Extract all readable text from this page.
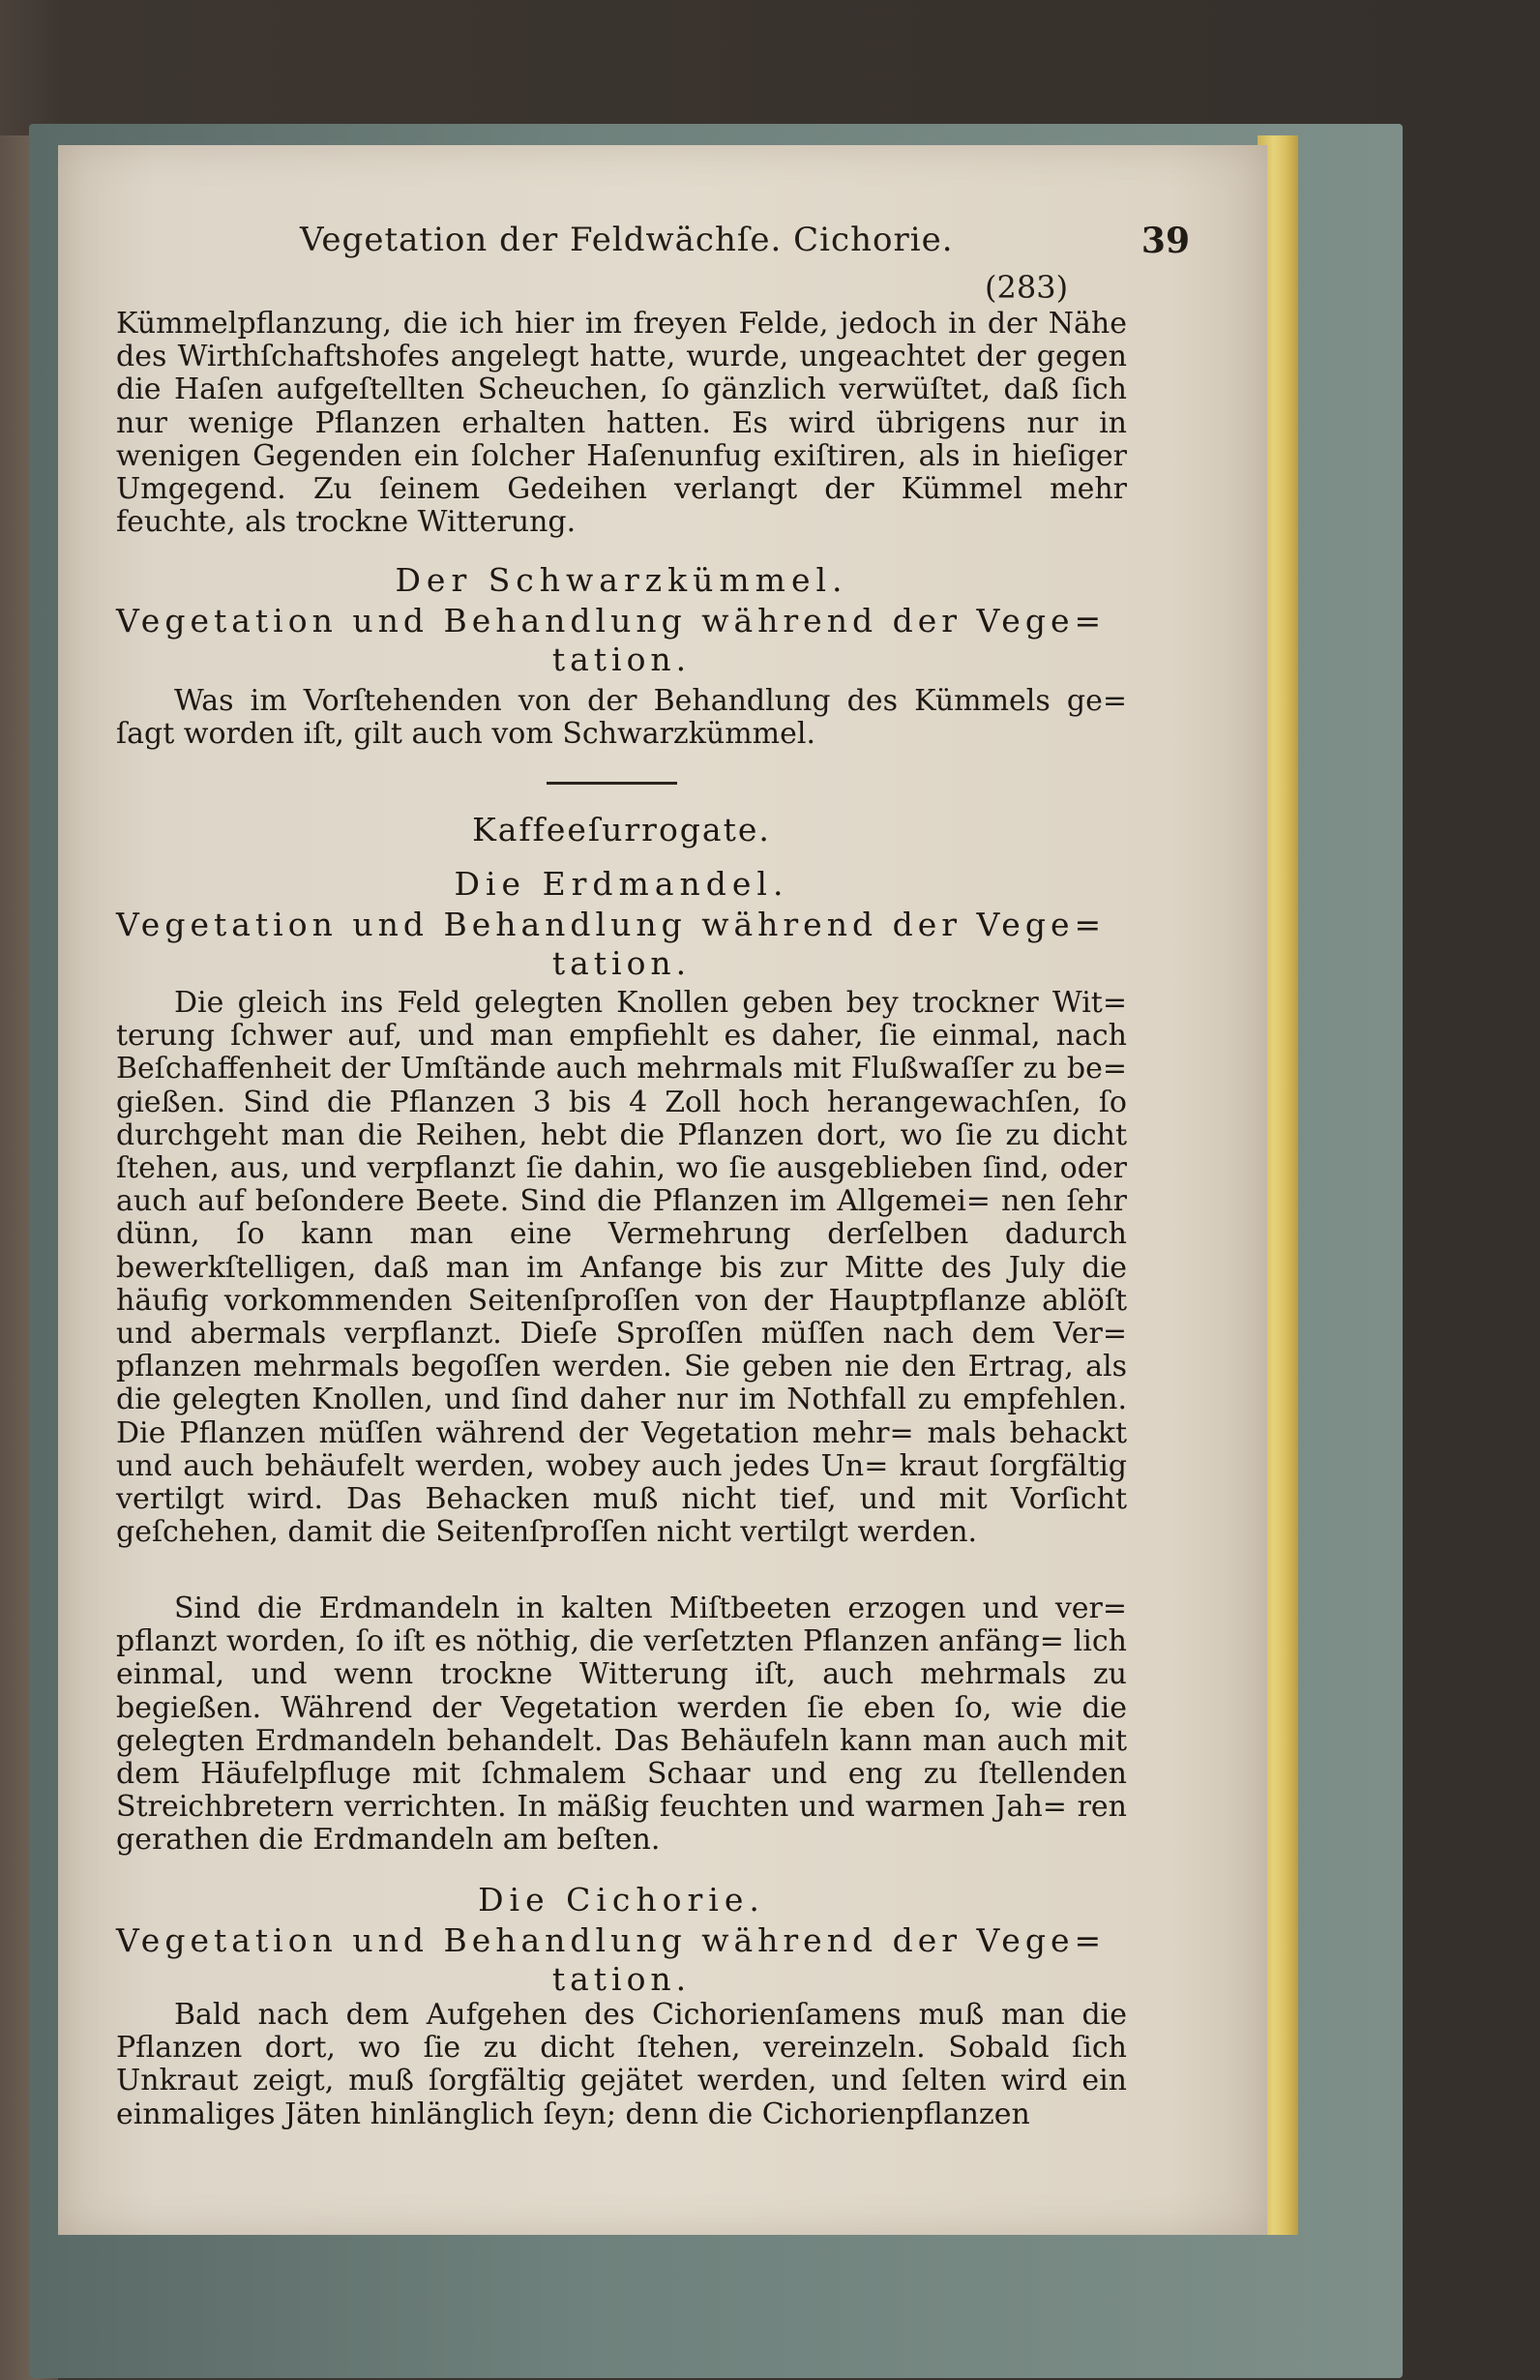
Vegetation der Feldwächſe. Cichorie.	39
(283)

Kümmelpflanzung, die ich hier im freyen Felde, jedoch in der Nähe des Wirthſchaftshofes angelegt hatte, wurde, ungeachtet der gegen die Haſen aufgeſtellten Scheuchen, ſo gänzlich verwüſtet, daß ſich nur wenige Pflanzen erhalten hatten. Es wird übrigens nur in wenigen Gegenden ein ſolcher Haſenunfug exiſtiren, als in hieſiger Umgegend. Zu ſeinem Gedeihen verlangt der Kümmel mehr feuchte, als trockne Witterung.

Der Schwarzkümmel.

Vegetation und Behandlung während der Vege=
tation.

Was im Vorſtehenden von der Behandlung des Kümmels ge= ſagt worden iſt, gilt auch vom Schwarzkümmel.

Kaffeeſurrogate.
Die Erdmandel.

Vegetation und Behandlung während der Vege=
tation.

Die gleich ins Feld gelegten Knollen geben bey trockner Wit= terung ſchwer auf, und man empfiehlt es daher, ſie einmal, nach Beſchaffenheit der Umſtände auch mehrmals mit Flußwaſſer zu be= gießen. Sind die Pflanzen 3 bis 4 Zoll hoch herangewachſen, ſo durchgeht man die Reihen, hebt die Pflanzen dort, wo ſie zu dicht ſtehen, aus, und verpflanzt ſie dahin, wo ſie ausgeblieben ſind, oder auch auf beſondere Beete. Sind die Pflanzen im Allgemei= nen ſehr dünn, ſo kann man eine Vermehrung derſelben dadurch bewerkſtelligen, daß man im Anfange bis zur Mitte des July die häufig vorkommenden Seitenſproſſen von der Hauptpflanze ablöſt und abermals verpflanzt. Dieſe Sproſſen müſſen nach dem Ver= pflanzen mehrmals begoſſen werden. Sie geben nie den Ertrag, als die gelegten Knollen, und ſind daher nur im Nothfall zu empfehlen. Die Pflanzen müſſen während der Vegetation mehr= mals behackt und auch behäufelt werden, wobey auch jedes Un= kraut ſorgfältig vertilgt wird. Das Behacken muß nicht tief, und mit Vorſicht geſchehen, damit die Seitenſproſſen nicht vertilgt werden.

Sind die Erdmandeln in kalten Miſtbeeten erzogen und ver= pflanzt worden, ſo iſt es nöthig, die verſetzten Pflanzen anfäng= lich einmal, und wenn trockne Witterung iſt, auch mehrmals zu begießen. Während der Vegetation werden ſie eben ſo, wie die gelegten Erdmandeln behandelt. Das Behäufeln kann man auch mit dem Häufelpfluge mit ſchmalem Schaar und eng zu ſtellenden Streichbretern verrichten. In mäßig feuchten und warmen Jah= ren gerathen die Erdmandeln am beſten.

Die Cichorie.

Vegetation und Behandlung während der Vege=
tation.

Bald nach dem Aufgehen des Cichorienſamens muß man die Pflanzen dort, wo ſie zu dicht ſtehen, vereinzeln. Sobald ſich Unkraut zeigt, muß ſorgfältig gejätet werden, und ſelten wird ein einmaliges Jäten hinlänglich ſeyn; denn die Cichorienpflanzen
